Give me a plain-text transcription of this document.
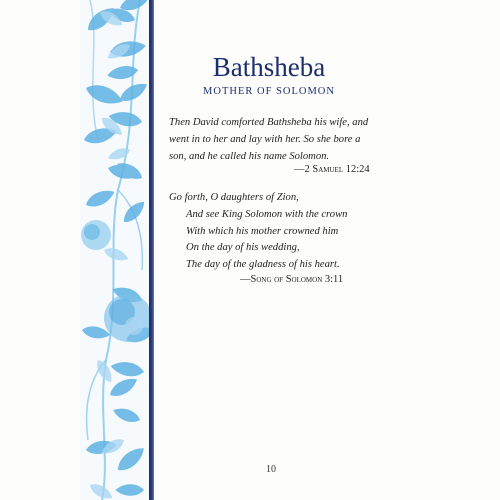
Bathsheba
MOTHER OF SOLOMON

Then David comforted Bathsheba his wife, and

went in to her and lay with her. So she bore a

son, and he called his name Solomon.

—2 Samuel 12:24

Go forth, O daughters of Zion,

And see King Solomon with the crown

With which his mother crowned him

On the day of his wedding,

The day of the gladness of his heart.

—Song of Solomon 3:11
10
